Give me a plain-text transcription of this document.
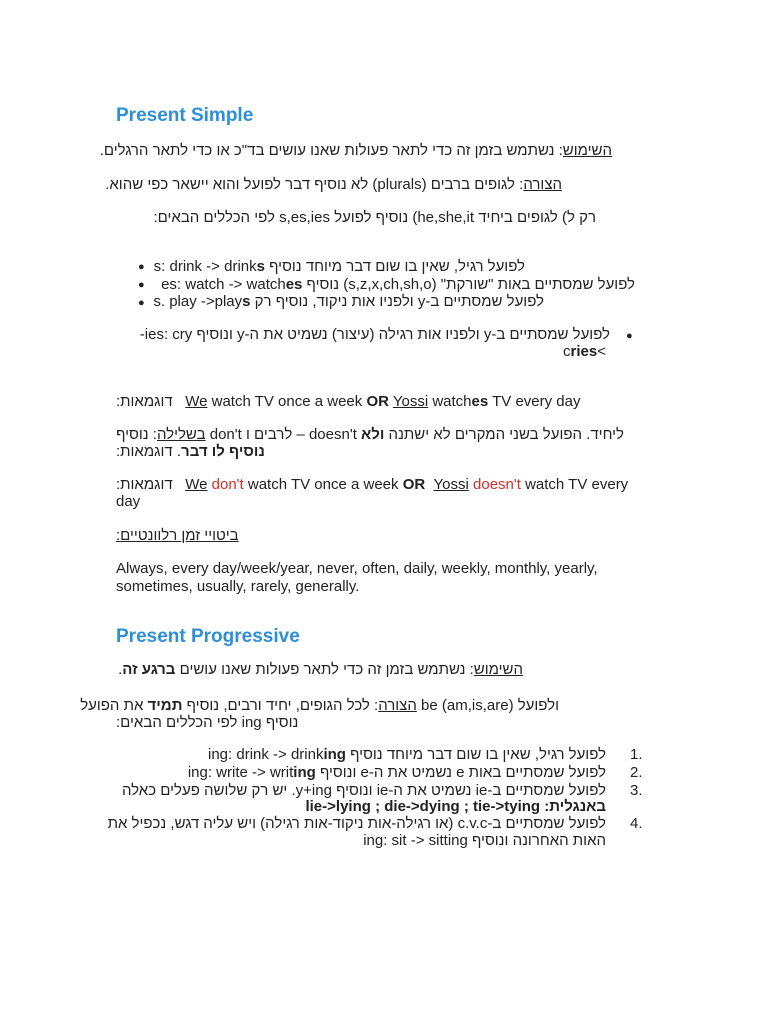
Present Simple
השימוש: נשתמש בזמן זה כדי לתאר פעולות שאנו עושים בד"כ או כדי לתאר הרגלים.
הצורה: לגופים ברבים (plurals) לא נוסיף דבר לפועל והוא יישאר כפי שהוא.
רק ל) לגופים ביחיד he,she,it) נוסיף לפועל s,es,ies לפי הכללים הבאים:
● לפועל רגיל, שאין בו שום דבר מיוחד נוסיף s: drink -> drinks
● לפועל שמסתיים באות "שורקת" (s,z,x,ch,sh,o) נוסיף es: watch -> watches
● לפועל שמסתיים ב-y ולפניו אות ניקוד, נוסיף רק s. play ->plays
●
לפועל שמסתיים ב-y ולפניו אות רגילה (עיצור) נשמיט את ה-y ונוסיף ies: cry-
>cries
:דוגמאות We watch TV once a week OR Yossi watches TV every day
ליחיד. הפועל בשני המקרים לא ישתנה ולא doesn't – לרבים ו don't בשלילה: נוסיף
נוסיף לו דבר. דוגמאות:
:דוגמאות We don't watch TV once a week OR Yossi doesn't watch TV every
day
ביטויי זמן רלוונטיים:
Always, every day/week/year, never, often, daily, weekly, monthly, yearly,
sometimes, usually, rarely, generally.
Present Progressive
השימוש: נשתמש בזמן זה כדי לתאר פעולות שאנו עושים ברגע זה.
ולפועל be (am,is,are) הצורה: לכל הגופים, יחיד ורבים, נוסיף תמיד את הפועל
נוסיף ing לפי הכללים הבאים:
1.
לפועל רגיל, שאין בו שום דבר מיוחד נוסיף ing: drink -> drinking
2.
לפועל שמסתיים באות e נשמיט את ה-e ונוסיף ing: write -> writing
3.
לפועל שמסתיים ב-ie נשמיט את ה-ie ונוסיף y+ing. יש רק שלושה פעלים כאלה
באנגלית: lie->lying ; die->dying ; tie->tying
4.
לפועל שמסתיים ב-c.v.c (או רגילה-אות ניקוד-אות רגילה) ויש עליה דגש, נכפיל את
האות האחרונה ונוסיף ing: sit -> sitting
